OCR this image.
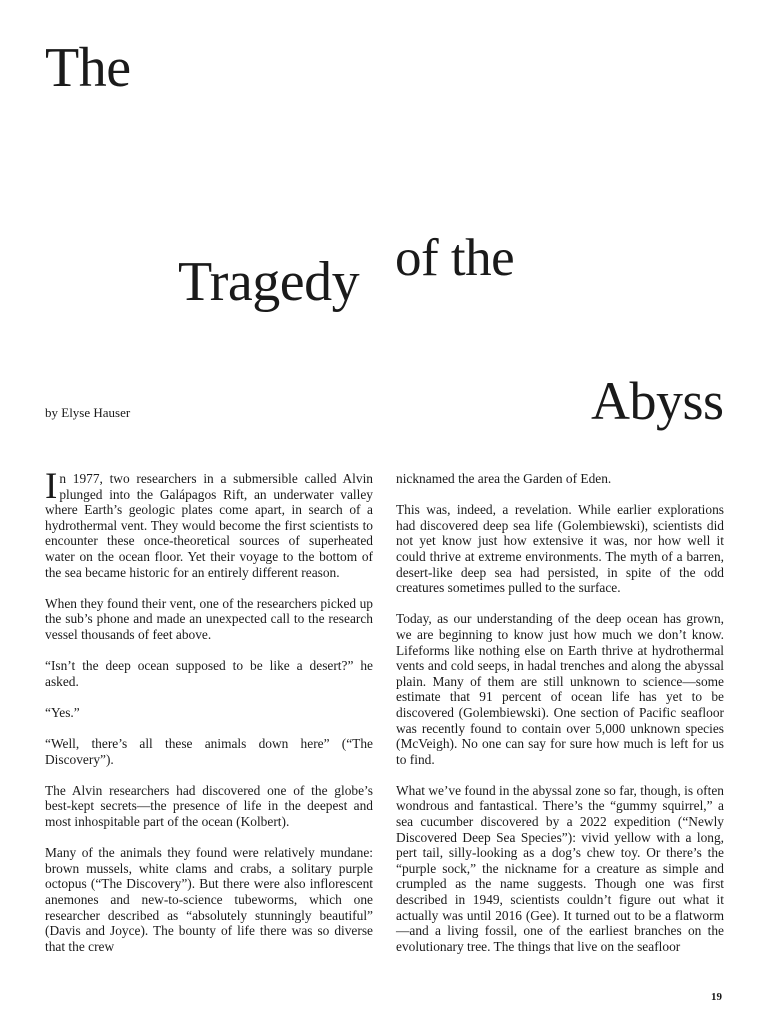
The
Tragedy of the
Abyss
by Elyse Hauser

In 1977, two researchers in a submersible called Alvin plunged into the Galápagos Rift, an underwater valley where Earth’s geologic plates come apart, in search of a hydrothermal vent. They would become the first scientists to encounter these once-theoretical sources of superheated water on the ocean floor. Yet their voyage to the bottom of the sea became historic for an entirely different reason.

When they found their vent, one of the researchers picked up the sub’s phone and made an unexpected call to the research vessel thousands of feet above.

“Isn’t the deep ocean supposed to be like a desert?” he asked.

“Yes.”

“Well, there’s all these animals down here” (“The Discovery”).

The Alvin researchers had discovered one of the globe’s best-kept secrets—the presence of life in the deepest and most inhospitable part of the ocean (Kolbert).

Many of the animals they found were relatively mundane: brown mussels, white clams and crabs, a solitary purple octopus (“The Discovery”). But there were also inflorescent anemones and new-to-science tubeworms, which one researcher described as “absolutely stunningly beautiful” (Davis and Joyce). The bounty of life there was so diverse that the crew

nicknamed the area the Garden of Eden.

This was, indeed, a revelation. While earlier explorations had discovered deep sea life (Golembiewski), scientists did not yet know just how extensive it was, nor how well it could thrive at extreme environments. The myth of a barren, desert-like deep sea had persisted, in spite of the odd creatures sometimes pulled to the surface.

Today, as our understanding of the deep ocean has grown, we are beginning to know just how much we don’t know. Lifeforms like nothing else on Earth thrive at hydrothermal vents and cold seeps, in hadal trenches and along the abyssal plain. Many of them are still unknown to science—some estimate that 91 percent of ocean life has yet to be discovered (Golembiewski). One section of Pacific seafloor was recently found to contain over 5,000 unknown species (McVeigh). No one can say for sure how much is left for us to find.

What we’ve found in the abyssal zone so far, though, is often wondrous and fantastical. There’s the “gummy squirrel,” a sea cucumber discovered by a 2022 expedition (“Newly Discovered Deep Sea Species”): vivid yellow with a long, pert tail, silly-looking as a dog’s chew toy. Or there’s the “purple sock,” the nickname for a creature as simple and crumpled as the name suggests. Though one was first described in 1949, scientists couldn’t figure out what it actually was until 2016 (Gee). It turned out to be a flatworm—and a living fossil, one of the earliest branches on the evolutionary tree. The things that live on the seafloor

19
